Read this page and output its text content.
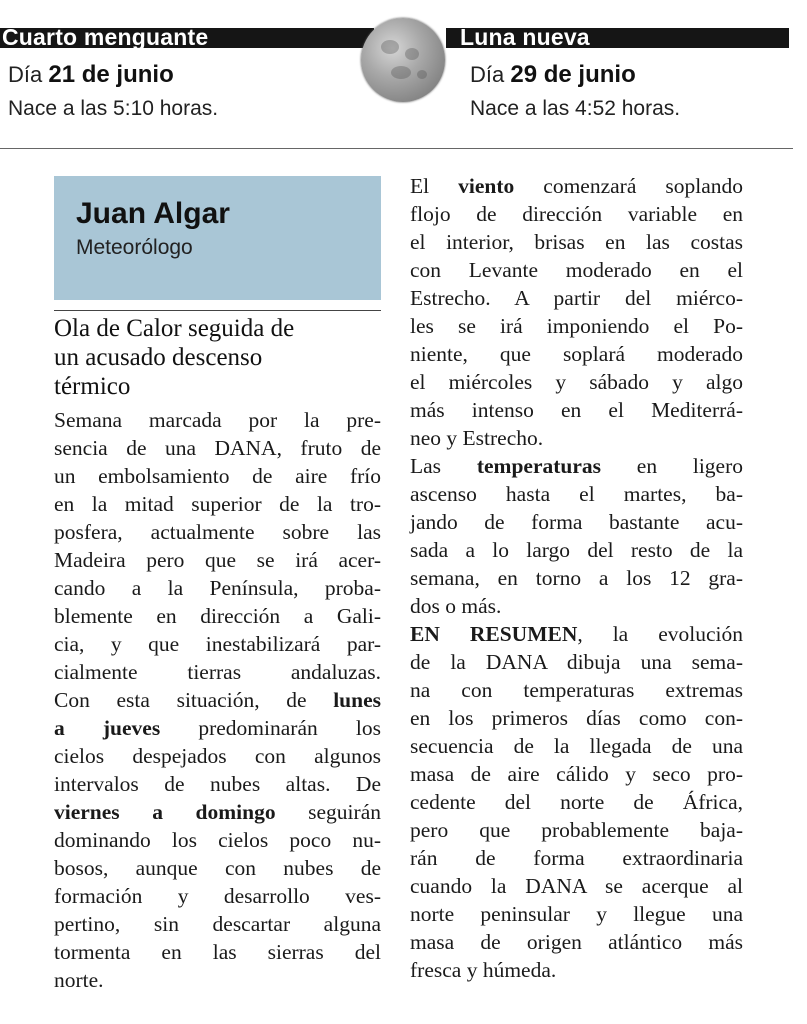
Cuarto menguante	Luna nueva
Día 21 de junio
Nace a las 5:10 horas.
Día 29 de junio
Nace a las 4:52 horas.
Juan Algar
Meteorólogo
Ola de Calor seguida de
un acusado descenso
térmico
Semana marcada por la pre-
sencia de una DANA, fruto de
un embolsamiento de aire frío
en la mitad superior de la tro-
posfera, actualmente sobre las
Madeira pero que se irá acer-
cando a la Península, proba-
blemente en dirección a Gali-
cia, y que inestabilizará par-
cialmente tierras andaluzas.
Con esta situación, de lunes
a jueves predominarán los
cielos despejados con algunos
intervalos de nubes altas. De
viernes a domingo seguirán
dominando los cielos poco nu-
bosos, aunque con nubes de
formación y desarrollo ves-
pertino, sin descartar alguna
tormenta en las sierras del
norte.
El viento comenzará soplando
flojo de dirección variable en
el interior, brisas en las costas
con Levante moderado en el
Estrecho. A partir del miérco-
les se irá imponiendo el Po-
niente, que soplará moderado
el miércoles y sábado y algo
más intenso en el Mediterrá-
neo y Estrecho.
Las temperaturas en ligero
ascenso hasta el martes, ba-
jando de forma bastante acu-
sada a lo largo del resto de la
semana, en torno a los 12 gra-
dos o más.
EN RESUMEN, la evolución
de la DANA dibuja una sema-
na con temperaturas extremas
en los primeros días como con-
secuencia de la llegada de una
masa de aire cálido y seco pro-
cedente del norte de África,
pero que probablemente baja-
rán de forma extraordinaria
cuando la DANA se acerque al
norte peninsular y llegue una
masa de origen atlántico más
fresca y húmeda.
